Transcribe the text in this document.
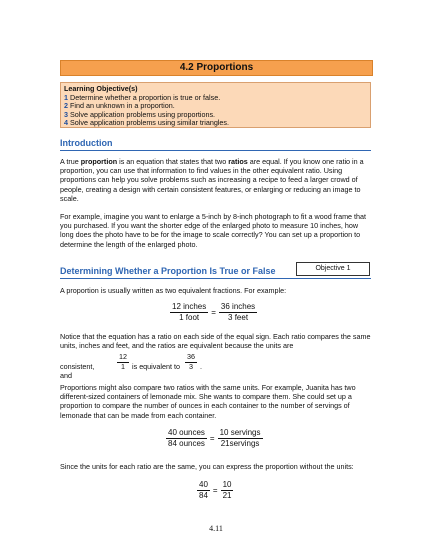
4.2 Proportions
Learning Objective(s)
1 Determine whether a proportion is true or false.
2 Find an unknown in a proportion.
3 Solve application problems using proportions.
4 Solve application problems using similar triangles.
Introduction
A true proportion is an equation that states that two ratios are equal. If you know one ratio in a proportion, you can use that information to find values in the other equivalent ratio. Using proportions can help you solve problems such as increasing a recipe to feed a larger crowd of people, creating a design with certain consistent features, or enlarging or reducing an image to scale.
For example, imagine you want to enlarge a 5-inch by 8-inch photograph to fit a wood frame that you purchased. If you want the shorter edge of the enlarged photo to measure 10 inches, how long does the photo have to be for the image to scale correctly? You can set up a proportion to determine the length of the enlarged photo.
Determining Whether a Proportion Is True or False	Objective 1
A proportion is usually written as two equivalent fractions. For example:
$\frac{\text{12 inches}}{\text{1 foot}} = \frac{\text{36 inches}}{\text{3 feet}}$
Notice that the equation has a ratio on each side of the equal sign. Each ratio compares the same units, inches and feet, and the ratios are equivalent because the units are
consistent, and
$\frac{12}{1}$ is equivalent to $\frac{36}{3}$ .
Proportions might also compare two ratios with the same units. For example, Juanita has two different-sized containers of lemonade mix. She wants to compare them. She could set up a proportion to compare the number of ounces in each container to the number of servings of lemonade that can be made from each container.
$\frac{\text{40 ounces}}{\text{84 ounces}} = \frac{\text{10 servings}}{\text{21servings}}$
Since the units for each ratio are the same, you can express the proportion without the units:
$\frac{40}{84} = \frac{10}{21}$
4.11
